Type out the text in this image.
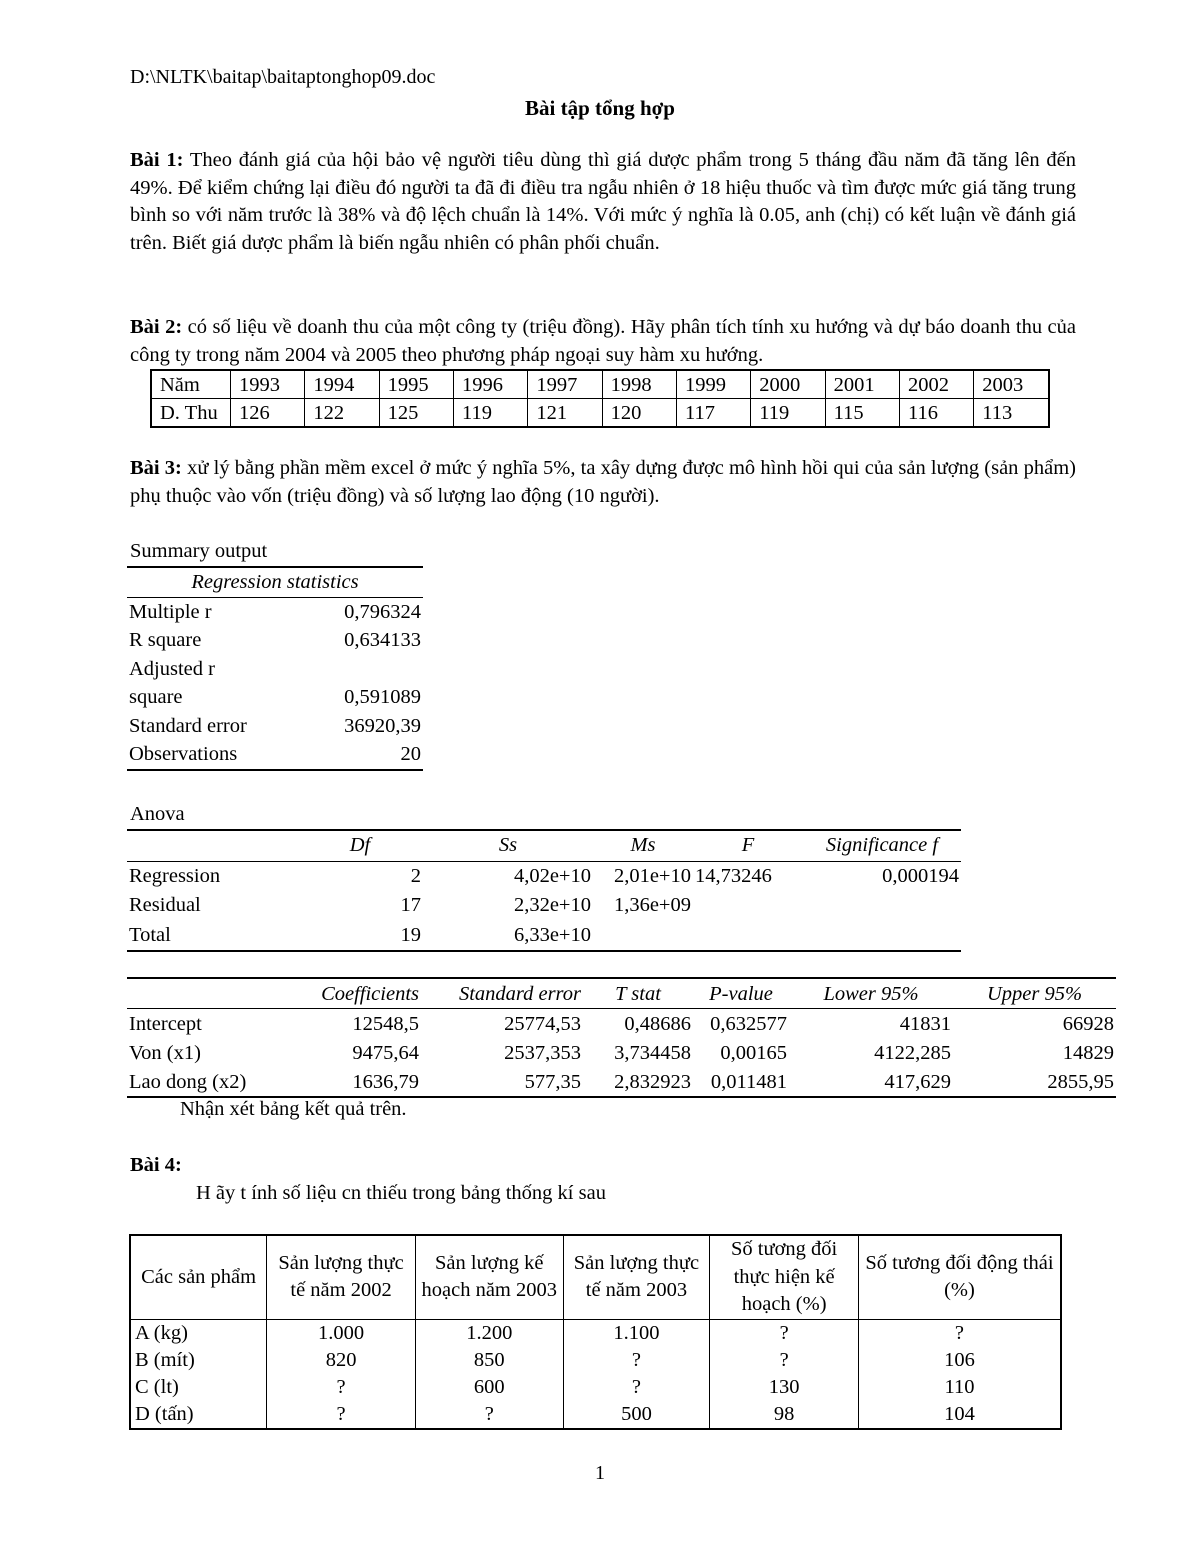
D:\NLTK\baitap\baitaptonghop09.doc
Bài tập tổng hợp
Bài 1: Theo đánh giá của hội bảo vệ người tiêu dùng thì giá dược phẩm trong 5 tháng đầu năm đã tăng lên đến 49%. Để kiểm chứng lại điều đó người ta đã đi điều tra ngẫu nhiên ở 18 hiệu thuốc và tìm được mức giá tăng trung bình so với năm trước là 38% và độ lệch chuẩn là 14%. Với mức ý nghĩa là 0.05, anh (chị) có kết luận về đánh giá trên. Biết giá dược phẩm là biến ngẫu nhiên có phân phối chuẩn.
Bài 2: có số liệu về doanh thu của một công ty (triệu đồng). Hãy phân tích tính xu hướng và dự báo doanh thu của công ty trong năm 2004 và 2005 theo phương pháp ngoại suy hàm xu hướng.
Năm	1993	1994	1995	1996	1997	1998	1999	2000	2001	2002	2003
D. Thu	126	122	125	119	121	120	117	119	115	116	113
Bài 3: xử lý bằng phần mềm excel ở mức ý nghĩa 5%, ta xây dựng được mô hình hồi qui của sản lượng (sản phẩm) phụ thuộc vào vốn (triệu đồng) và số lượng lao động (10 người).
Summary output
Regression statistics	
Multiple r	0,796324
R square	0,634133
Adjusted r	
square	0,591089
Standard error	36920,39
Observations	20
Anova
	Df	Ss	Ms	F	Significance f
Regression	2	4,02e+10	2,01e+10	14,73246	0,000194
Residual	17	2,32e+10	1,36e+09		
Total	19	6,33e+10			
	Coefficients	Standard error	T stat	P-value	Lower 95%	Upper 95%
Intercept	12548,5	25774,53	0,48686	0,632577	41831	66928
Von (x1)	9475,64	2537,353	3,734458	0,00165	4122,285	14829
Lao dong (x2)	1636,79	577,35	2,832923	0,011481	417,629	2855,95
Nhận xét bảng kết quả trên.
Bài 4:
H ãy t ính số liệu cn thiếu trong bảng thống kí sau
Các sản phẩm	Sản lượng thực tế năm 2002	Sản lượng kế hoạch năm 2003	Sản lượng thực tế năm 2003	Số tương đối thực hiện kế hoạch (%)	Số tương đối động thái (%)
A (kg)	1.000	1.200	1.100	?	?
B (mít)	820	850	?	?	106
C (lt)	?	600	?	130	110
D (tấn)	?	?	500	98	104
1
